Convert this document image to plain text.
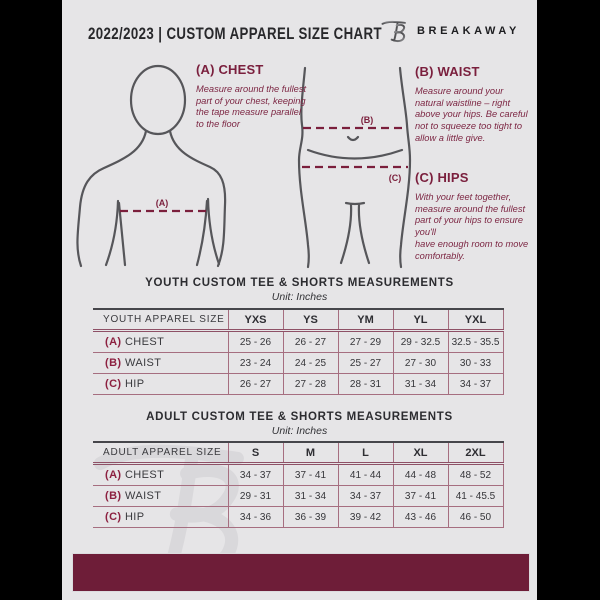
2022/2023 | CUSTOM APPAREL SIZE CHART	BREAKAWAY
(A)
(B)
(C)
(A) CHEST

Measure around the fullest part of your chest, keeping the tape measure parallel to the floor

(B) WAIST

Measure around your natural waistline – right above your hips. Be careful not to squeeze too tight to allow a little give.

(C) HIPS

With your feet together, measure around the fullest part of your hips to ensure you'll

have enough room to move comfortably.

YOUTH CUSTOM TEE & SHORTS MEASUREMENTS
Unit: Inches
YOUTH APPAREL SIZE	YXS	YS	YM	YL	YXL
(A) CHEST	25 - 26	26 - 27	27 - 29	29 - 32.5	32.5 - 35.5
(B) WAIST	23 - 24	24 - 25	25 - 27	27 - 30	30 - 33
(C) HIP	26 - 27	27 - 28	28 - 31	31 - 34	34 - 37
ADULT CUSTOM TEE & SHORTS MEASUREMENTS
Unit: Inches
ADULT APPAREL SIZE	S	M	L	XL	2XL
(A) CHEST	34 - 37	37 - 41	41 - 44	44 - 48	48 - 52
(B) WAIST	29 - 31	31 - 34	34 - 37	37 - 41	41 - 45.5
(C) HIP	34 - 36	36 - 39	39 - 42	43 - 46	46 - 50
